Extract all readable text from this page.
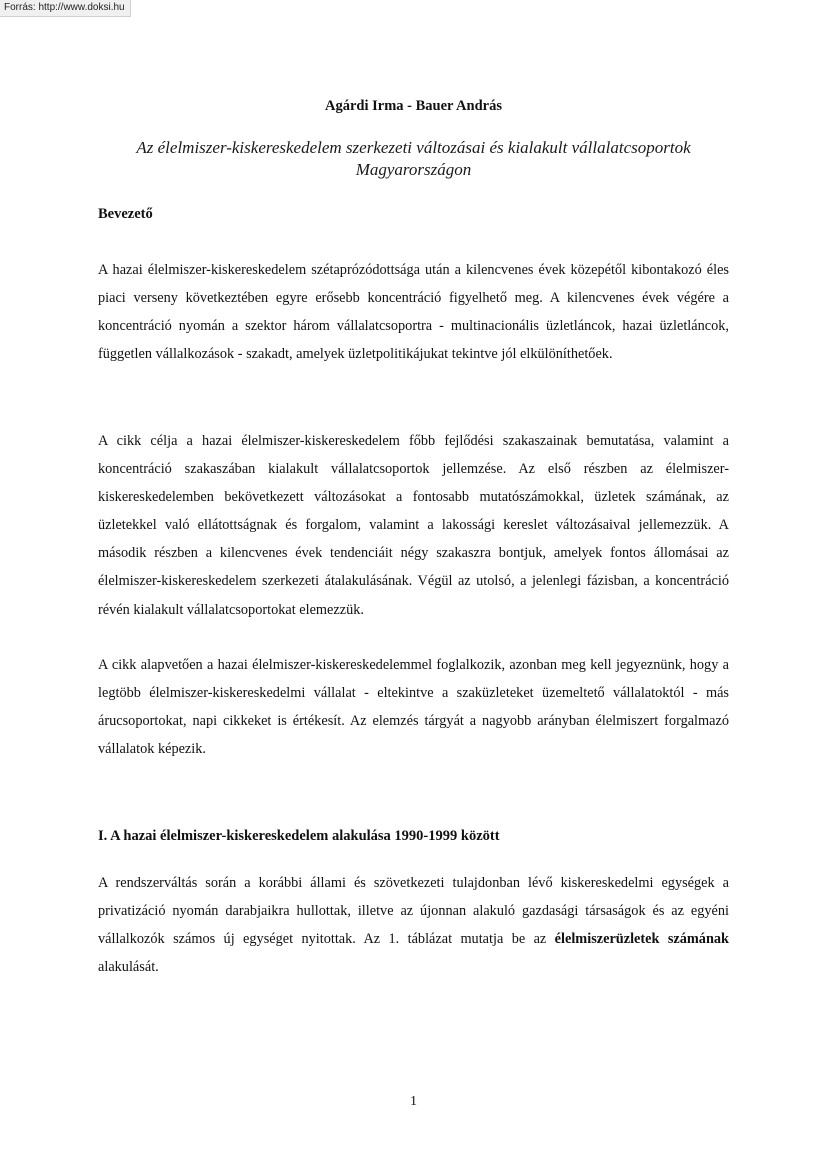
Forrás: http://www.doksi.hu
Agárdi Irma - Bauer András
Az élelmiszer-kiskereskedelem szerkezeti változásai és kialakult vállalatcsoportok Magyarországon
Bevezető

A hazai élelmiszer-kiskereskedelem szétaprózódottsága után a kilencvenes évek közepétől kibontakozó éles piaci verseny következtében egyre erősebb koncentráció figyelhető meg. A kilencvenes évek végére a koncentráció nyomán a szektor három vállalatcsoportra - multinacionális üzletláncok, hazai üzletláncok, független vállalkozások - szakadt, amelyek üzletpolitikájukat tekintve jól elkülöníthetőek.

A cikk célja a hazai élelmiszer-kiskereskedelem főbb fejlődési szakaszainak bemutatása, valamint a koncentráció szakaszában kialakult vállalatcsoportok jellemzése. Az első részben az élelmiszer-kiskereskedelemben bekövetkezett változásokat a fontosabb mutatószámokkal, üzletek számának, az üzletekkel való ellátottságnak és forgalom, valamint a lakossági kereslet változásaival jellemezzük. A második részben a kilencvenes évek tendenciáit négy szakaszra bontjuk, amelyek fontos állomásai az élelmiszer-kiskereskedelem szerkezeti átalakulásának. Végül az utolsó, a jelenlegi fázisban, a koncentráció révén kialakult vállalatcsoportokat elemezzük.

A cikk alapvetően a hazai élelmiszer-kiskereskedelemmel foglalkozik, azonban meg kell jegyeznünk, hogy a legtöbb élelmiszer-kiskereskedelmi vállalat - eltekintve a szaküzleteket üzemeltető vállalatoktól - más árucsoportokat, napi cikkeket is értékesít. Az elemzés tárgyát a nagyobb arányban élelmiszert forgalmazó vállalatok képezik.

I. A hazai élelmiszer-kiskereskedelem alakulása 1990-1999 között

A rendszerváltás során a korábbi állami és szövetkezeti tulajdonban lévő kiskereskedelmi egységek a privatizáció nyomán darabjaikra hullottak, illetve az újonnan alakuló gazdasági társaságok és az egyéni vállalkozók számos új egységet nyitottak. Az 1. táblázat mutatja be az élelmiszerüzletek számának alakulását.

1
